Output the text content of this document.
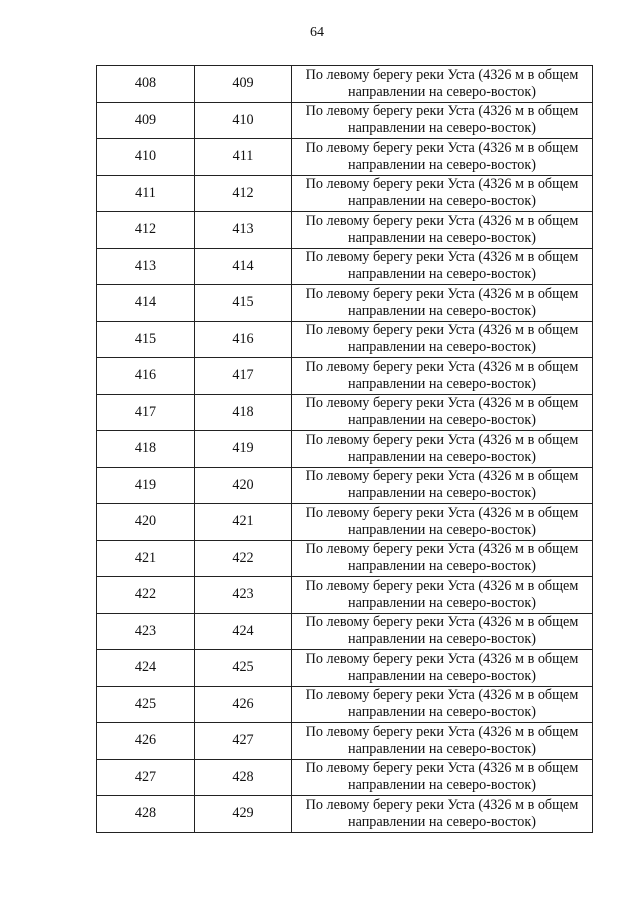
64
408	409	По левому берегу реки Уста (4326 м в общем
направлении на северо-восток)

409	410	По левому берегу реки Уста (4326 м в общем
направлении на северо-восток)

410	411	По левому берегу реки Уста (4326 м в общем
направлении на северо-восток)

411	412	По левому берегу реки Уста (4326 м в общем
направлении на северо-восток)

412	413	По левому берегу реки Уста (4326 м в общем
направлении на северо-восток)

413	414	По левому берегу реки Уста (4326 м в общем
направлении на северо-восток)

414	415	По левому берегу реки Уста (4326 м в общем
направлении на северо-восток)

415	416	По левому берегу реки Уста (4326 м в общем
направлении на северо-восток)

416	417	По левому берегу реки Уста (4326 м в общем
направлении на северо-восток)

417	418	По левому берегу реки Уста (4326 м в общем
направлении на северо-восток)

418	419	По левому берегу реки Уста (4326 м в общем
направлении на северо-восток)

419	420	По левому берегу реки Уста (4326 м в общем
направлении на северо-восток)

420	421	По левому берегу реки Уста (4326 м в общем
направлении на северо-восток)

421	422	По левому берегу реки Уста (4326 м в общем
направлении на северо-восток)

422	423	По левому берегу реки Уста (4326 м в общем
направлении на северо-восток)

423	424	По левому берегу реки Уста (4326 м в общем
направлении на северо-восток)

424	425	По левому берегу реки Уста (4326 м в общем
направлении на северо-восток)

425	426	По левому берегу реки Уста (4326 м в общем
направлении на северо-восток)

426	427	По левому берегу реки Уста (4326 м в общем
направлении на северо-восток)

427	428	По левому берегу реки Уста (4326 м в общем
направлении на северо-восток)

428	429	По левому берегу реки Уста (4326 м в общем
направлении на северо-восток)
